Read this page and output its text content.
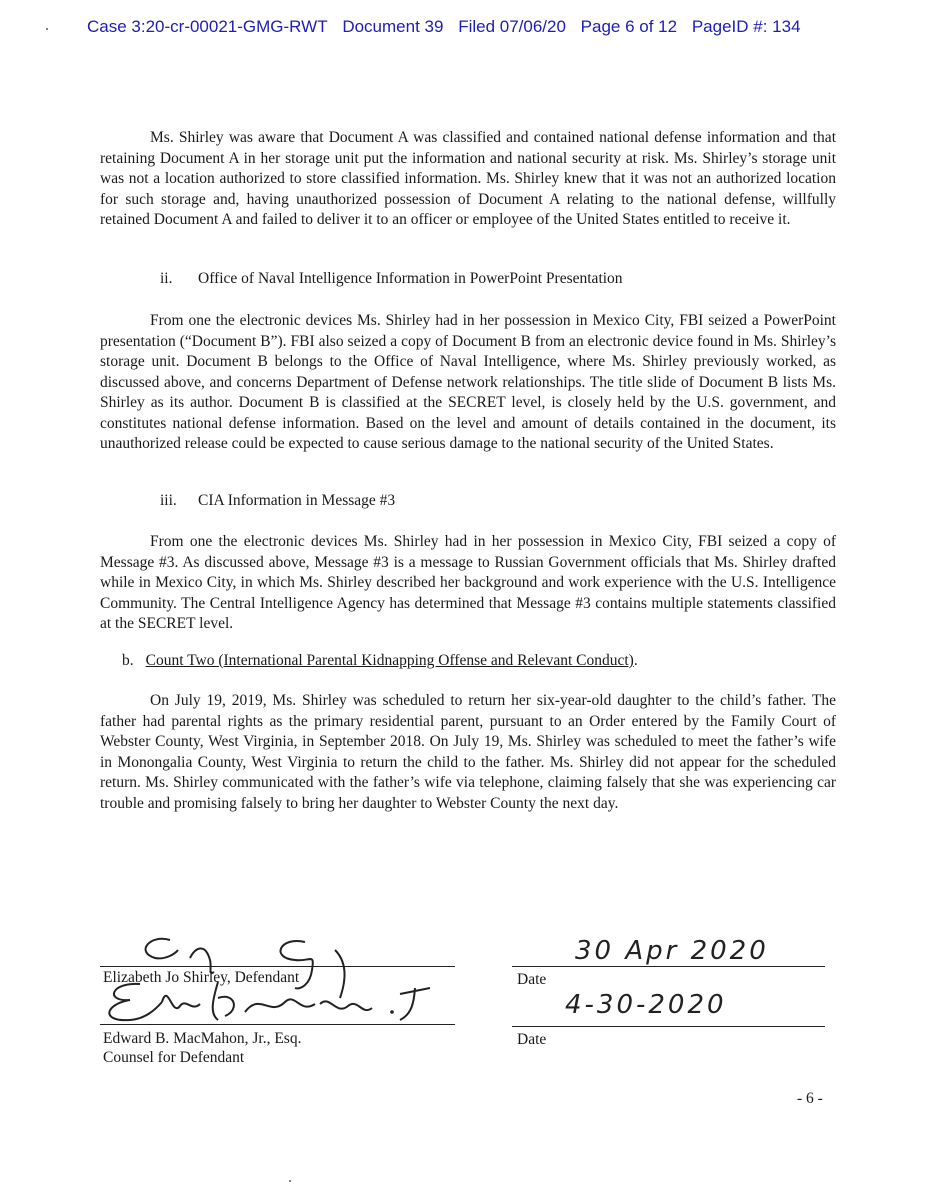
Case 3:20-cr-00021-GMG-RWT Document 39 Filed 07/06/20 Page 6 of 12 PageID #: 134

Ms. Shirley was aware that Document A was classified and contained national defense information and that retaining Document A in her storage unit put the information and national security at risk. Ms. Shirley’s storage unit was not a location authorized to store classified information. Ms. Shirley knew that it was not an authorized location for such storage and, having unauthorized possession of Document A relating to the national defense, willfully retained Document A and failed to deliver it to an officer or employee of the United States entitled to receive it.

ii. Office of Naval Intelligence Information in PowerPoint Presentation

From one the electronic devices Ms. Shirley had in her possession in Mexico City, FBI seized a PowerPoint presentation (“Document B”). FBI also seized a copy of Document B from an electronic device found in Ms. Shirley’s storage unit. Document B belongs to the Office of Naval Intelligence, where Ms. Shirley previously worked, as discussed above, and concerns Department of Defense network relationships. The title slide of Document B lists Ms. Shirley as its author. Document B is classified at the SECRET level, is closely held by the U.S. government, and constitutes national defense information. Based on the level and amount of details contained in the document, its unauthorized release could be expected to cause serious damage to the national security of the United States.

iii. CIA Information in Message #3

From one the electronic devices Ms. Shirley had in her possession in Mexico City, FBI seized a copy of Message #3. As discussed above, Message #3 is a message to Russian Government officials that Ms. Shirley drafted while in Mexico City, in which Ms. Shirley described her background and work experience with the U.S. Intelligence Community. The Central Intelligence Agency has determined that Message #3 contains multiple statements classified at the SECRET level.

b. Count Two (International Parental Kidnapping Offense and Relevant Conduct).

On July 19, 2019, Ms. Shirley was scheduled to return her six-year-old daughter to the child’s father. The father had parental rights as the primary residential parent, pursuant to an Order entered by the Family Court of Webster County, West Virginia, in September 2018. On July 19, Ms. Shirley was scheduled to meet the father’s wife in Monongalia County, West Virginia to return the child to the father. Ms. Shirley did not appear for the scheduled return. Ms. Shirley communicated with the father’s wife via telephone, claiming falsely that she was experiencing car trouble and promising falsely to bring her daughter to Webster County the next day.

Elizabeth Jo Shirley, Defendant
Edward B. MacMahon, Jr., Esq.
Counsel for Defendant
30 Apr 2020
Date
4-30-2020
Date
- 6 -
